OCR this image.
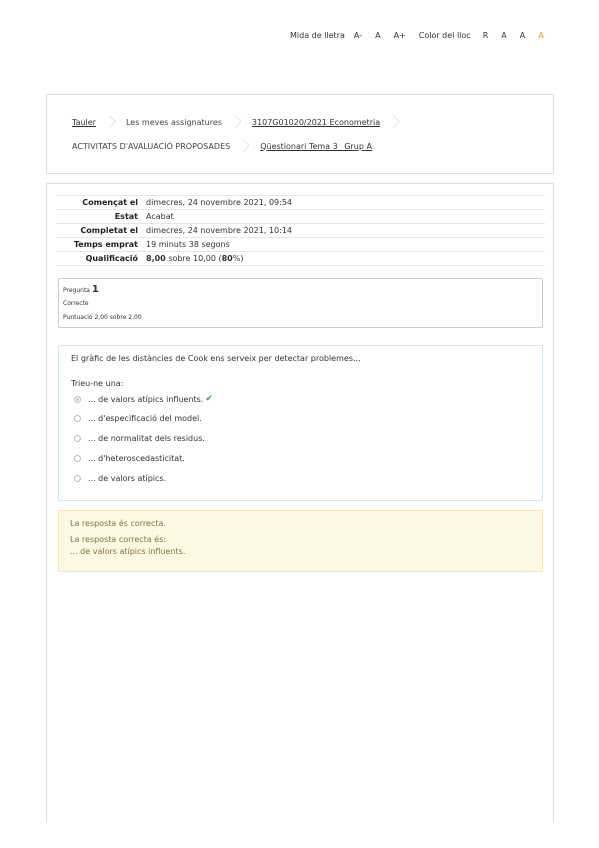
Mida de lletra A- A A+ Color del lloc R A A A
Tauler	Les meves assignatures	3107G01020/2021 Econometria
ACTIVITATS D'AVALUACIÓ PROPOSADES	Qüestionari Tema 3_ Grup A
Començat el	dimecres, 24 novembre 2021, 09:54
Estat	Acabat
Completat el	dimecres, 24 novembre 2021, 10:14
Temps emprat	19 minuts 38 segons
Qualificació	8,00 sobre 10,00 (80%)
Pregunta 1
Correcte
Puntuació 2,00 sobre 2,00
El gràfic de les distàncies de Cook ens serveix per detectar problemes...
Trieu-ne una:
... de valors atípics influents. ✔
... d'especificació del model.
... de normalitat dels residus.
... d'heteroscedasticitat.
... de valors atípics.
La resposta és correcta.
La resposta correcta és:
... de valors atípics influents.
